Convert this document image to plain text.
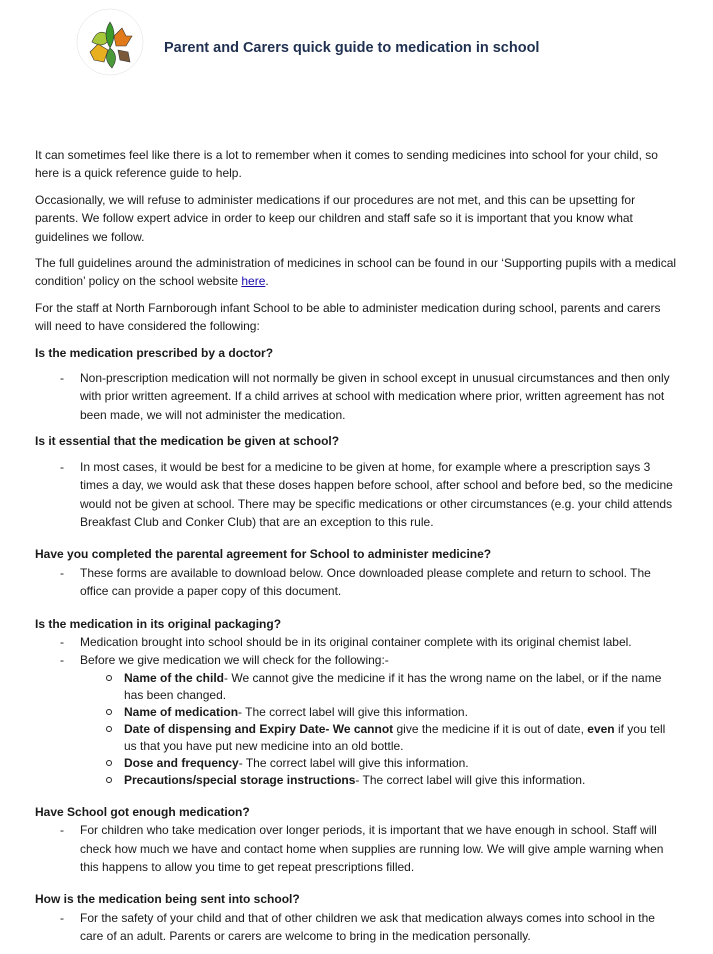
Parent and Carers quick guide to medication in school

It can sometimes feel like there is a lot to remember when it comes to sending medicines into school for your child, so here is a quick reference guide to help.

Occasionally, we will refuse to administer medications if our procedures are not met, and this can be upsetting for parents. We follow expert advice in order to keep our children and staff safe so it is important that you know what guidelines we follow.

The full guidelines around the administration of medicines in school can be found in our ‘Supporting pupils with a medical condition’ policy on the school website here.

For the staff at North Farnborough infant School to be able to administer medication during school, parents and carers will need to have considered the following:

Is the medication prescribed by a doctor?
- Non-prescription medication will not normally be given in school except in unusual circumstances and then only with prior written agreement. If a child arrives at school with medication where prior, written agreement has not been made, we will not administer the medication.
Is it essential that the medication be given at school?
- In most cases, it would be best for a medicine to be given at home, for example where a prescription says 3 times a day, we would ask that these doses happen before school, after school and before bed, so the medicine would not be given at school. There may be specific medications or other circumstances (e.g. your child attends Breakfast Club and Conker Club) that are an exception to this rule.
Have you completed the parental agreement for School to administer medicine?
- These forms are available to download below. Once downloaded please complete and return to school. The office can provide a paper copy of this document.
Is the medication in its original packaging?
- Medication brought into school should be in its original container complete with its original chemist label.
- Before we give medication we will check for the following:-
Name of the child- We cannot give the medicine if it has the wrong name on the label, or if the name has been changed.
Name of medication- The correct label will give this information.
Date of dispensing and Expiry Date- We cannot give the medicine if it is out of date, even if you tell us that you have put new medicine into an old bottle.
Dose and frequency- The correct label will give this information.
Precautions/special storage instructions- The correct label will give this information.
Have School got enough medication?
- For children who take medication over longer periods, it is important that we have enough in school. Staff will check how much we have and contact home when supplies are running low. We will give ample warning when this happens to allow you time to get repeat prescriptions filled.
How is the medication being sent into school?
- For the safety of your child and that of other children we ask that medication always comes into school in the care of an adult. Parents or carers are welcome to bring in the medication personally.
